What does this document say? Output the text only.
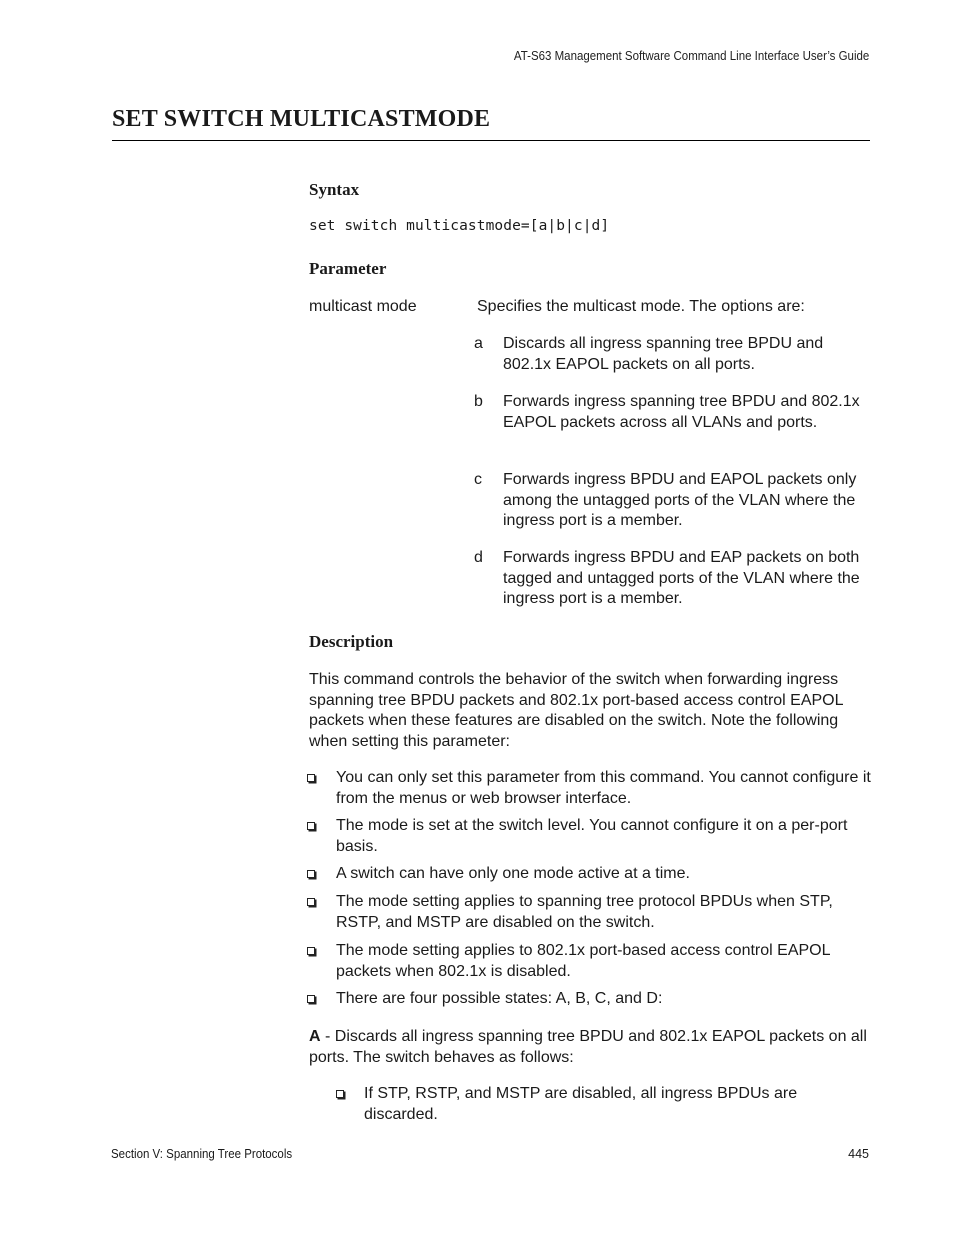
AT-S63 Management Software Command Line Interface User’s Guide
SET SWITCH MULTICASTMODE
Syntax
set switch multicastmode=[a|b|c|d]
Parameter
multicast mode	Specifies the multicast mode. The options are:
a Discards all ingress spanning tree BPDU and 802.1x EAPOL packets on all ports.
b Forwards ingress spanning tree BPDU and 802.1x EAPOL packets across all VLANs and ports.
c Forwards ingress BPDU and EAPOL packets only among the untagged ports of the VLAN where the ingress port is a member.
d Forwards ingress BPDU and EAP packets on both tagged and untagged ports of the VLAN where the ingress port is a member.
Description
This command controls the behavior of the switch when forwarding ingress spanning tree BPDU packets and 802.1x port-based access control EAPOL packets when these features are disabled on the switch. Note the following when setting this parameter:
You can only set this parameter from this command. You cannot configure it from the menus or web browser interface.
The mode is set at the switch level. You cannot configure it on a per-port basis.
A switch can have only one mode active at a time.
The mode setting applies to spanning tree protocol BPDUs when STP, RSTP, and MSTP are disabled on the switch.
The mode setting applies to 802.1x port-based access control EAPOL packets when 802.1x is disabled.
There are four possible states: A, B, C, and D:
A - Discards all ingress spanning tree BPDU and 802.1x EAPOL packets on all ports. The switch behaves as follows:
If STP, RSTP, and MSTP are disabled, all ingress BPDUs are discarded.
Section V: Spanning Tree Protocols	445
